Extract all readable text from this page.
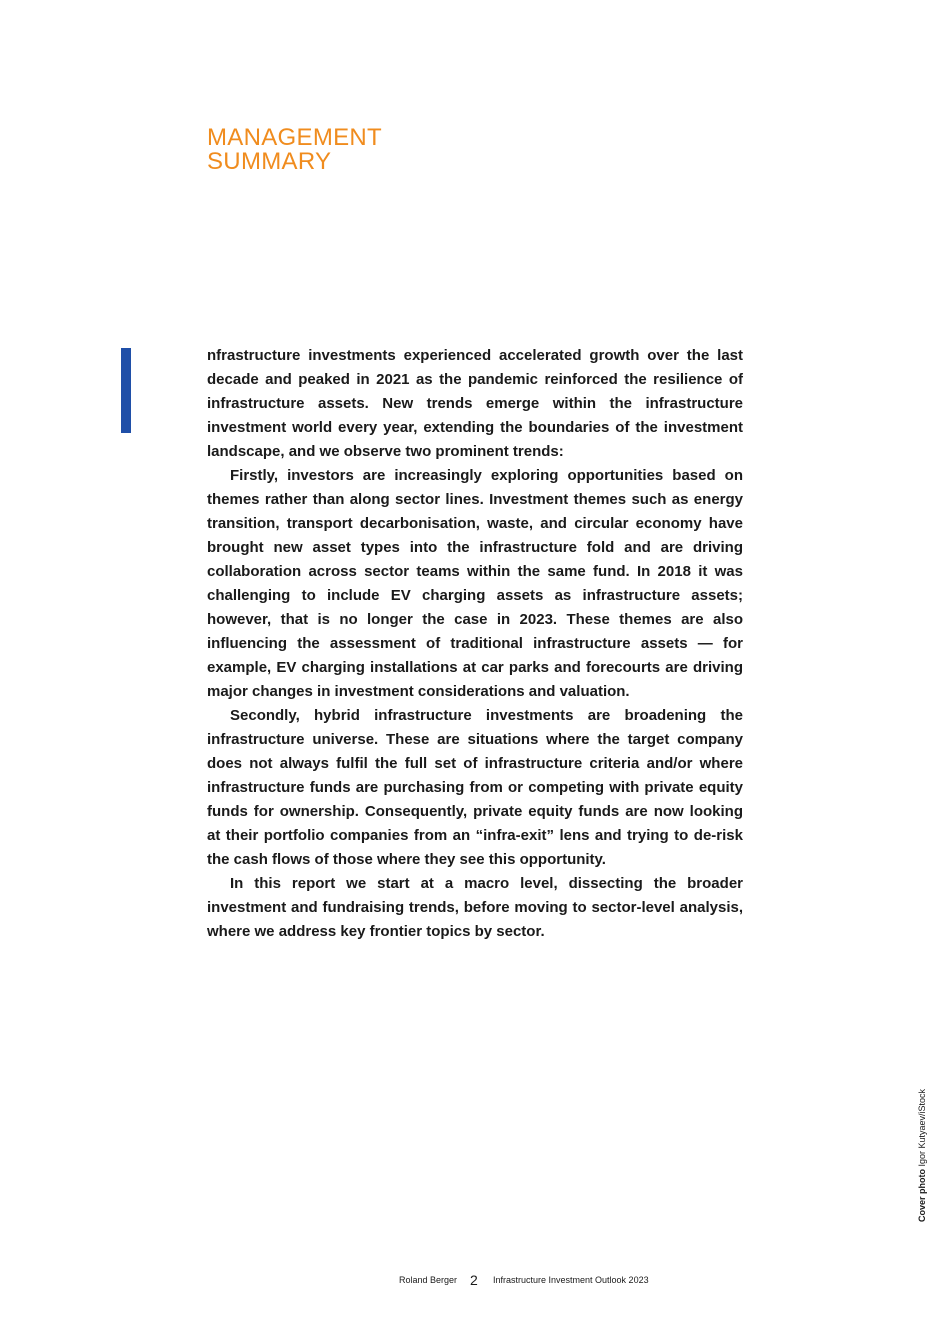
MANAGEMENT
SUMMARY

nfrastructure investments experienced accelerated growth over the last decade and peaked in 2021 as the pandemic reinforced the resilience of infrastructure assets. New trends emerge within the infrastructure investment world every year, extending the boundaries of the investment landscape, and we observe two prominent trends:

Firstly, investors are increasingly exploring opportunities based on themes rather than along sector lines. Investment themes such as energy transition, transport decarbonisation, waste, and circular economy have brought new asset types into the infrastructure fold and are driving collaboration across sector teams within the same fund. In 2018 it was challenging to include EV charging assets as infrastructure assets; however, that is no longer the case in 2023. These themes are also influencing the assessment of traditional infrastructure assets — for example, EV charging installations at car parks and forecourts are driving major changes in investment considerations and valuation.

Secondly, hybrid infrastructure investments are broadening the infrastructure universe. These are situations where the target company does not always fulfil the full set of infrastructure criteria and/or where infrastructure funds are purchasing from or competing with private equity funds for ownership. Consequently, private equity funds are now looking at their portfolio companies from an “infra-exit” lens and trying to de-risk the cash flows of those where they see this opportunity.

In this report we start at a macro level, dissecting the broader investment and fundraising trends, before moving to sector-level analysis, where we address key frontier topics by sector.

Cover photo Igor Kutyaev/iStock
Roland Berger 2 Infrastructure Investment Outlook 2023
